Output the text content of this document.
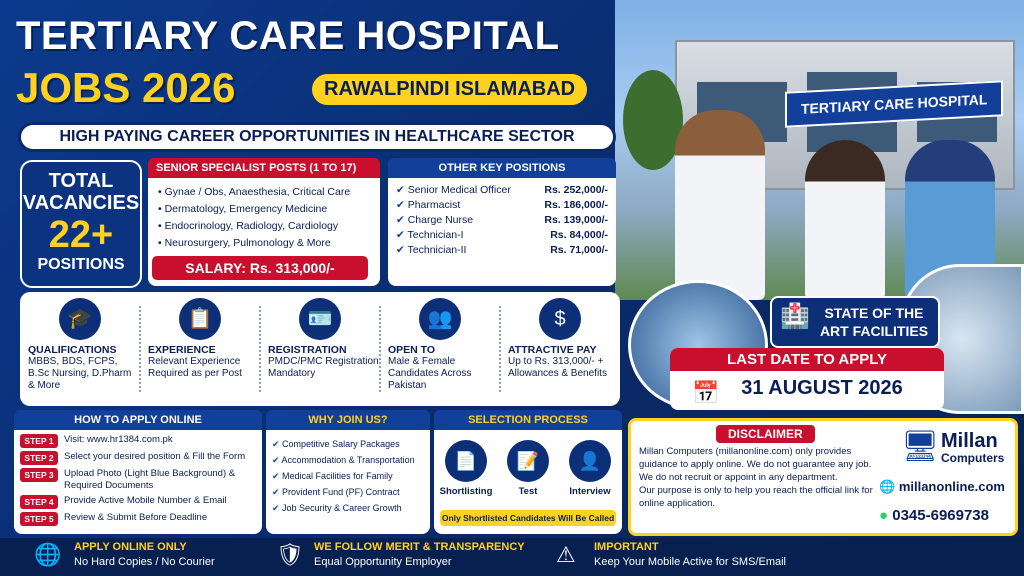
TERTIARY CARE HOSPITAL
TERTIARY CARE HOSPITAL
JOBS 2026	RAWALPINDI ISLAMABAD
HIGH PAYING CAREER OPPORTUNITIES IN HEALTHCARE SECTOR
TOTAL VACANCIES
22+
POSITIONS
SENIOR SPECIALIST POSTS (1 TO 17)
• Gynae / Obs, Anaesthesia, Critical Care
• Dermatology, Emergency Medicine
• Endocrinology, Radiology, Cardiology
• Neurosurgery, Pulmonology & More
SALARY: Rs. 313,000/-
OTHER KEY POSITIONS
✔ Senior Medical Officer	Rs. 252,000/-
✔ Pharmacist	Rs. 186,000/-
✔ Charge Nurse	Rs. 139,000/-
✔ Technician-I	Rs. 84,000/-
✔ Technician-II	Rs. 71,000/-
🎓
QUALIFICATIONS
MBBS, BDS, FCPS, B.Sc Nursing, D.Pharm & More
📋
EXPERIENCE
Relevant Experience Required as per Post
🪪
REGISTRATION
PMDC/PMC Registration Mandatory
👥
OPEN TO
Male & Female Candidates Across Pakistan
$
ATTRACTIVE PAY
Up to Rs. 313,000/- + Allowances & Benefits
HOW TO APPLY ONLINE
STEP 1	Visit: www.hr1384.com.pk
STEP 2	Select your desired position & Fill the Form
STEP 3	Upload Photo (Light Blue Background) & Required Documents
STEP 4	Provide Active Mobile Number & Email
STEP 5	Review & Submit Before Deadline
WHY JOIN US?
✔ Competitive Salary Packages
✔ Accommodation & Transportation
✔ Medical Facilities for Family
✔ Provident Fund (PF) Contract
✔ Job Security & Career Growth
SELECTION PROCESS
📄
Shortlisting
📝
Test
👤
Interview
Only Shortlisted Candidates Will Be Called
🏥 STATE OF THE ART FACILITIES
LAST DATE TO APPLY
📅	31 AUGUST 2026
DISCLAIMER

Millan Computers (millanonline.com) only provides guidance to apply online. We do not guarantee any job. We do not recruit or appoint in any department.

Our purpose is only to help you reach the official link for online application.

🖥 Millan
Computers
🌐 millanonline.com
● 0345-6969738
🌐 APPLY ONLINE ONLY
No Hard Copies / No Courier	🛡 WE FOLLOW MERIT & TRANSPARENCY
Equal Opportunity Employer	⚠ IMPORTANT
Keep Your Mobile Active for SMS/Email
